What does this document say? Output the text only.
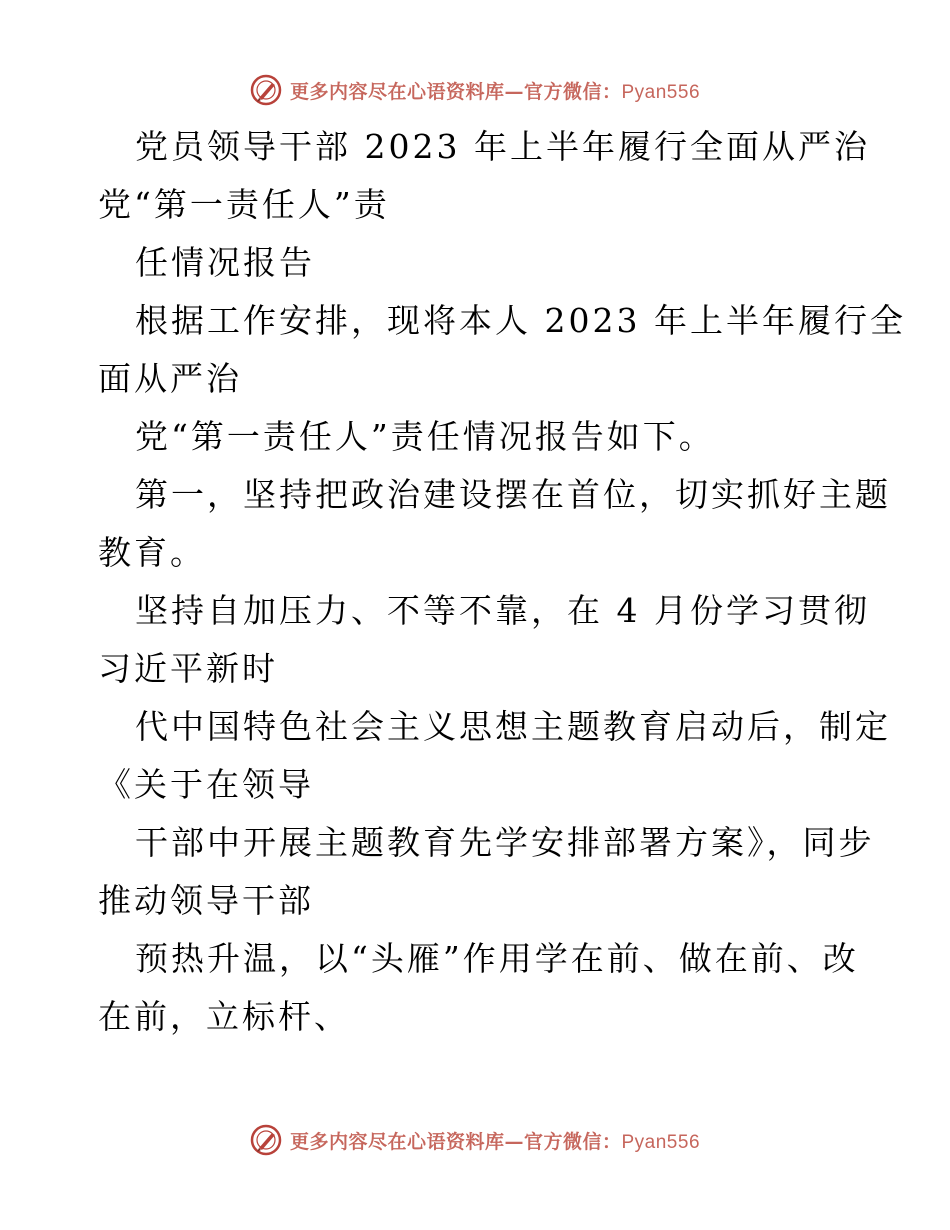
更多内容尽在心语资料库—官方微信：Pyan556
党员领导干部 2023 年上半年履行全面从严治
党“第一责任人”责
任情况报告
根据工作安排，现将本人 2023 年上半年履行全
面从严治
党“第一责任人”责任情况报告如下。
第一，坚持把政治建设摆在首位，切实抓好主题
教育。
坚持自加压力、不等不靠，在 4 月份学习贯彻
习近平新时
代中国特色社会主义思想主题教育启动后，制定
《关于在领导
干部中开展主题教育先学安排部署方案》，同步
推动领导干部
预热升温，以“头雁”作用学在前、做在前、改
在前，立标杆、
更多内容尽在心语资料库—官方微信：Pyan556
